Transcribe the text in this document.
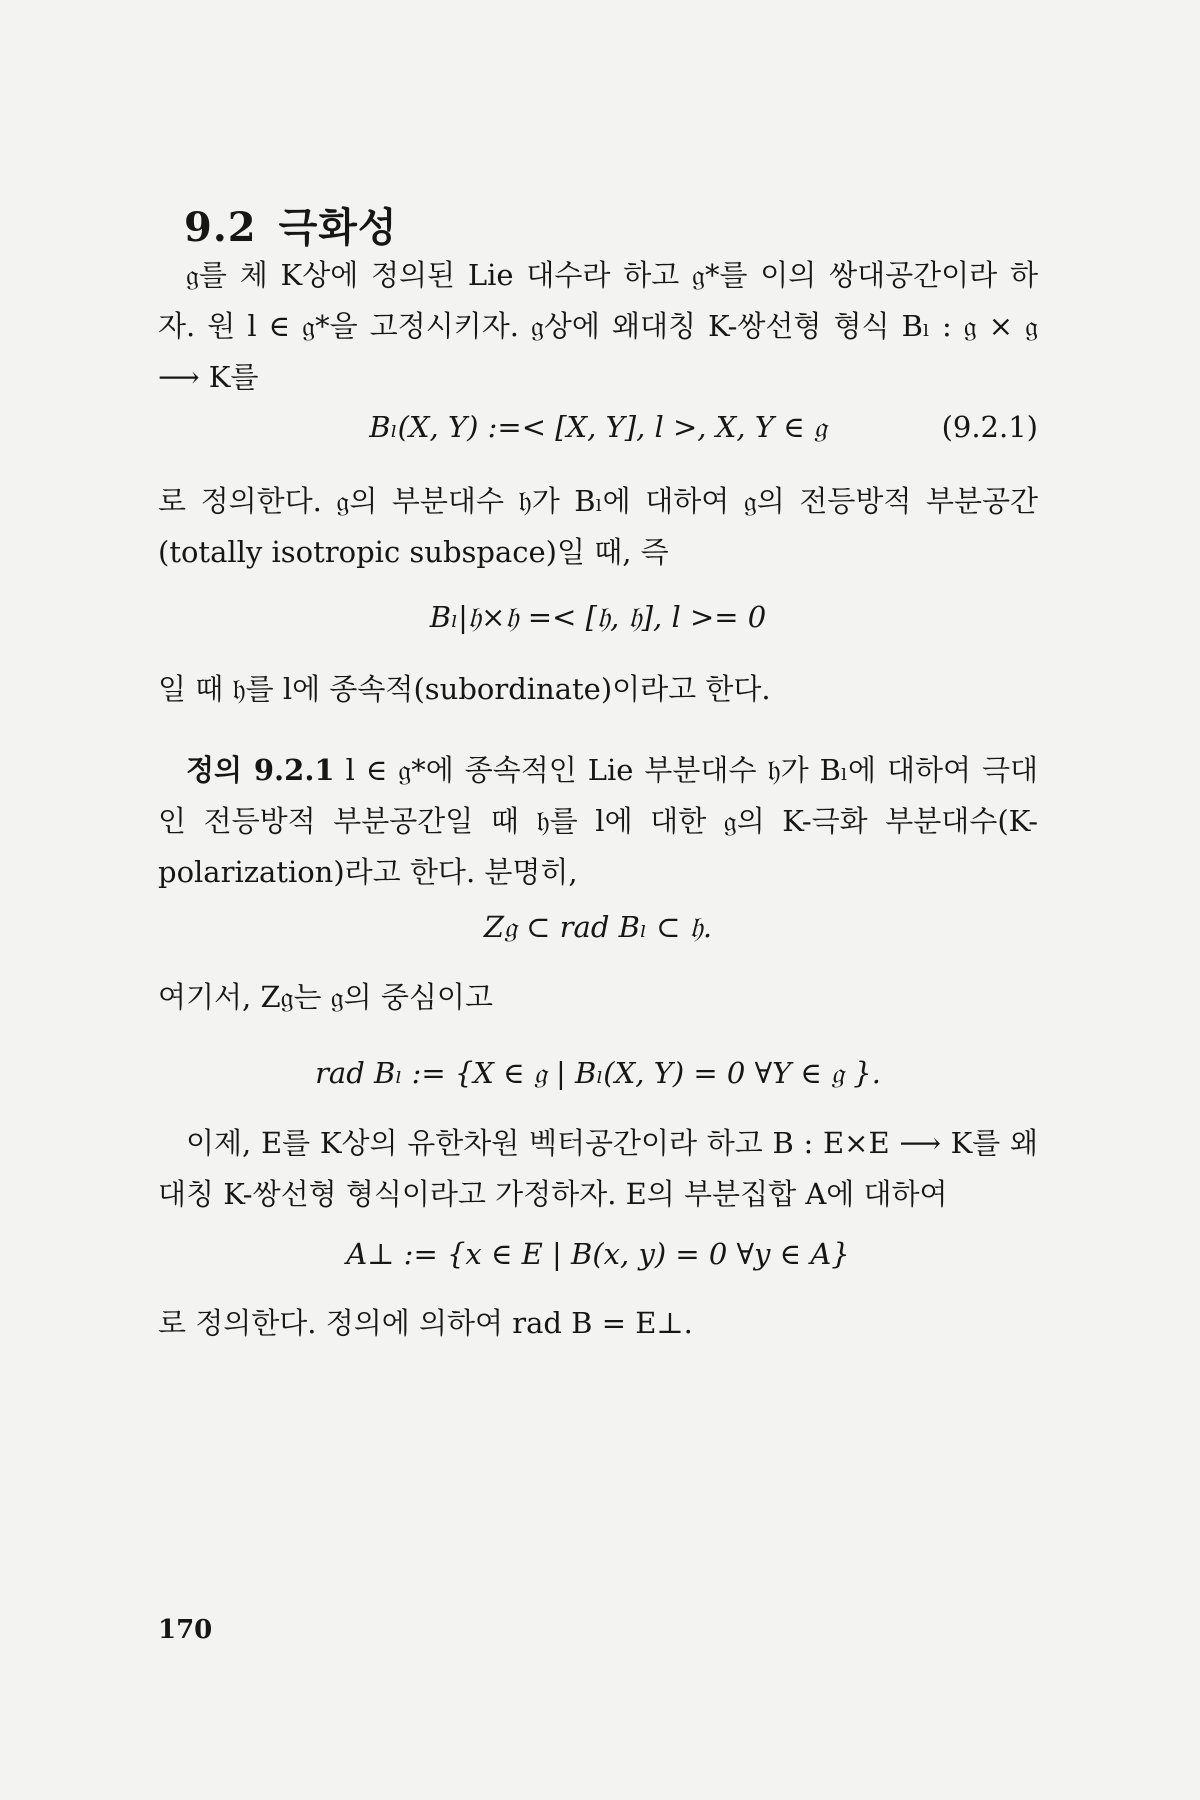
9.2 극화성

𝔤를 체 K상에 정의된 Lie 대수라 하고 𝔤*를 이의 쌍대공간이라 하자. 원 l ∈ 𝔤*을 고정시키자. 𝔤상에 왜대칭 K-쌍선형 형식 Bₗ : 𝔤 × 𝔤 ⟶ K를

Bₗ(X, Y) :=< [X, Y], l >, X, Y ∈ 𝔤	(9.2.1)

로 정의한다. 𝔤의 부분대수 𝔥가 Bₗ에 대하여 𝔤의 전등방적 부분공간 (totally isotropic subspace)일 때, 즉

Bₗ|𝔥×𝔥 =< [𝔥, 𝔥], l >= 0

일 때 𝔥를 l에 종속적(subordinate)이라고 한다.

정의 9.2.1 l ∈ 𝔤*에 종속적인 Lie 부분대수 𝔥가 Bₗ에 대하여 극대인 전등방적 부분공간일 때 𝔥를 l에 대한 𝔤의 K-극화 부분대수(K-polarization)라고 한다. 분명히,

Z𝔤 ⊂ rad Bₗ ⊂ 𝔥.

여기서, Z𝔤는 𝔤의 중심이고

rad Bₗ := {X ∈ 𝔤 | Bₗ(X, Y) = 0 ∀Y ∈ 𝔤 }.

이제, E를 K상의 유한차원 벡터공간이라 하고 B : E×E ⟶ K를 왜대칭 K-쌍선형 형식이라고 가정하자. E의 부분집합 A에 대하여

A⊥ := {x ∈ E | B(x, y) = 0 ∀y ∈ A}

로 정의한다. 정의에 의하여 rad B = E⊥.

170
